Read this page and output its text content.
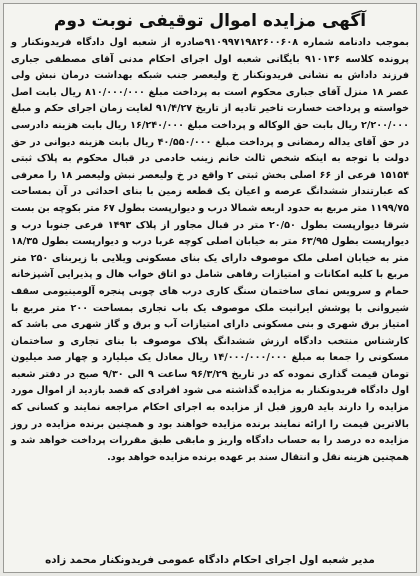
آگهی مزایده اموال توقیفی نوبت دوم
بموجب دادنامه شماره ۹۱۰۹۹۷۱۹۸۲۶۰۰۶۰۸صادره از شعبه اول دادگاه فریدونکنار و پرونده کلاسه ۹۱۰۱۳۶ بایگانی شعبه اول اجرای احکام مدنی آقای مصطفی جباری فرزند داداش به نشانی فریدونکنار خ ولیعصر جنب شبکه بهداشت درمان نبش ولی عصر ۱۸ منزل آقای جباری محکوم است به پرداخت مبلغ ۸۱۰/۰۰۰/۰۰۰ ریال بابت اصل خواسته و پرداخت خسارت تاخیر تادیه از تاریخ ۹۱/۴/۲۷ لغایت زمان اجرای حکم و مبلغ ۲/۲۰۰/۰۰۰ ریال بابت حق الوکاله و پرداخت مبلغ ۱۶/۲۴۰/۰۰۰ ریال بابت هزینه دادرسی در حق آقای یداله رمضانی و پرداخت مبلغ ۴۰/۵۵۰/۰۰۰ ریال بابت هزینه دیوانی در حق دولت با توجه به اینکه شخص ثالث خانم زینب خادمی در قبال محکوم به پلاک ثبتی ۱۵۱۵۴ فرعی از ۶۶ اصلی بخش ثبتی ۲ واقع در خ ولیعصر نبش ولیعصر ۱۸ را معرفی که عبارتنداز ششدانگ عرصه و اعیان یک قطعه زمین با بنای احداثی در آن بمساحت ۱۱۹۹/۷۵ متر مربع به حدود اربعه شمالا درب و دیوارپست بطول ۶۷ متر بکوچه بن بست شرقا دیوارپست بطول ۲۰/۵۰ متر در قبال مجاور از پلاک ۱۴۹۳ فرعی جنوبا درب و دیوارپست بطول ۶۳/۹۵ متر به خیابان اصلی کوچه غربا درب و دیوارپست بطول ۱۸/۳۵ متر به خیابان اصلی ملک موصوف دارای یک بنای مسکونی ویلایی با زیربنای ۲۵۰ متر مربع با کلیه امکانات و امتیازات رفاهی شامل دو اتاق خواب هال و پذیرایی آشپزخانه حمام و سرویس نمای ساختمان سنگ کاری درب های چوبی پنجره آلومینیومی سقف شیروانی با پوشش ایرانیت ملک موصوف یک باب تجاری بمساحت ۲۰۰ متر مربع با امتیاز برق شهری و بنی مسکونی دارای امتیازات آب و برق و گاز شهری می باشد که کارشناس منتخب دادگاه ارزش ششدانگ پلاک موصوف با بنای تجاری و ساختمان مسکونی را جمعا به مبلغ ۱۴/۰۰۰/۰۰۰/۰۰۰ ریال معادل یک میلیارد و چهار صد میلیون تومان قیمت گذاری نموده که در تاریخ ۹۶/۳/۲۹ ساعت ۹ الی ۹/۳۰ صبح در دفتر شعبه اول دادگاه فریدونکنار به مزایده گذاشته می شود افرادی که قصد بازدید از اموال مورد مزایده را دارند باید ۵روز قبل از مزایده به اجرای احکام مراجعه نمایند و کسانی که بالاترین قیمت را ارائه نمایند برنده مزایده خواهند بود و همچنین برنده مزایده در روز مزایده ده درصد را به حساب دادگاه واریز و مابقی طبق مقررات پرداخت خواهد شد و همچنین هزینه نقل و انتقال سند بر عهده برنده مزایده خواهد بود.
مدیر شعبه اول اجرای احکام دادگاه عمومی فریدونکنار محمد زاده
